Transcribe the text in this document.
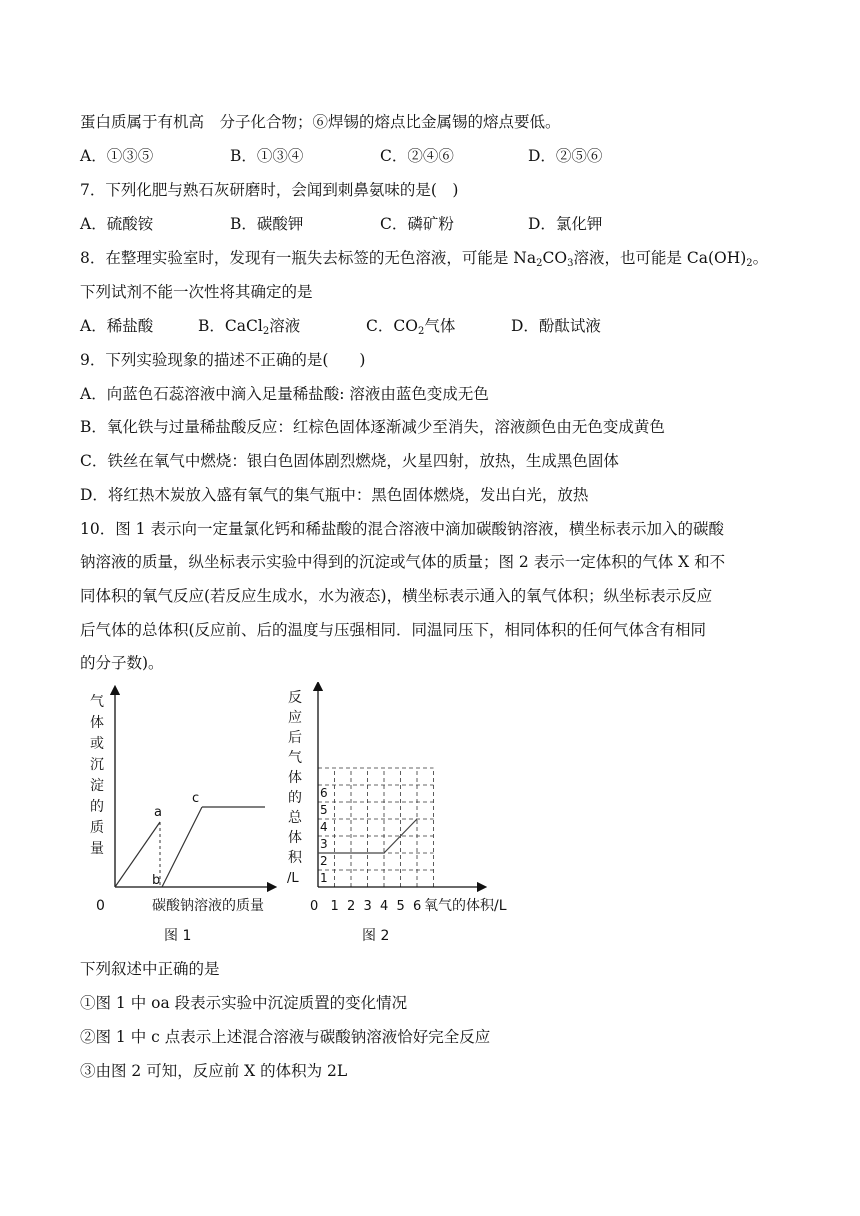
蛋白质属于有机高　分子化合物；⑥焊锡的熔点比金属锡的熔点要低。
A．①③⑤	B．①③④	C．②④⑥	D．②⑤⑥
7．下列化肥与熟石灰研磨时，会闻到刺鼻氨味的是(　)
A．硫酸铵	B．碳酸钾	C．磷矿粉	D．氯化钾
8．在整理实验室时，发现有一瓶失去标签的无色溶液，可能是 $Na_2CO_3$溶液，也可能是 $Ca(OH)_2$。
下列试剂不能一次性将其确定的是
A．稀盐酸	B．CaCl$_2$溶液	C．$CO_2$气体	D．酚酞试液
9．下列实验现象的描述不正确的是(　　)
A．向蓝色石蕊溶液中滴入足量稀盐酸: 溶液由蓝色变成无色
B．氧化铁与过量稀盐酸反应：红棕色固体逐渐减少至消失，溶液颜色由无色变成黄色
C．铁丝在氧气中燃烧：银白色固体剧烈燃烧，火星四射，放热，生成黑色固体
D．将红热木炭放入盛有氧气的集气瓶中：黑色固体燃烧，发出白光，放热
10．图 1 表示向一定量氯化钙和稀盐酸的混合溶液中滴加碳酸钠溶液，横坐标表示加入的碳酸
钠溶液的质量，纵坐标表示实验中得到的沉淀或气体的质量；图 2 表示一定体积的气体 X 和不
同体积的氧气反应(若反应生成水，水为液态)，横坐标表示通入的氧气体积；纵坐标表示反应
后气体的总体积(反应前、后的温度与压强相同．同温同压下，相同体积的任何气体含有相同
的分子数)。
气
体
或
沉
淀
的
质
量
a
b
c
0	碳酸钠溶液的质量
图 1
反
应
后
气
体
的
总
体
积
/L
1 2 3 4 5 6
1
2
3
4
5
6
0	氧气的体积/L
图 2
下列叙述中正确的是
①图 1 中 oa 段表示实验中沉淀质置的变化情况
②图 1 中 c 点表示上述混合溶液与碳酸钠溶液恰好完全反应
③由图 2 可知，反应前 X 的体积为 2L
